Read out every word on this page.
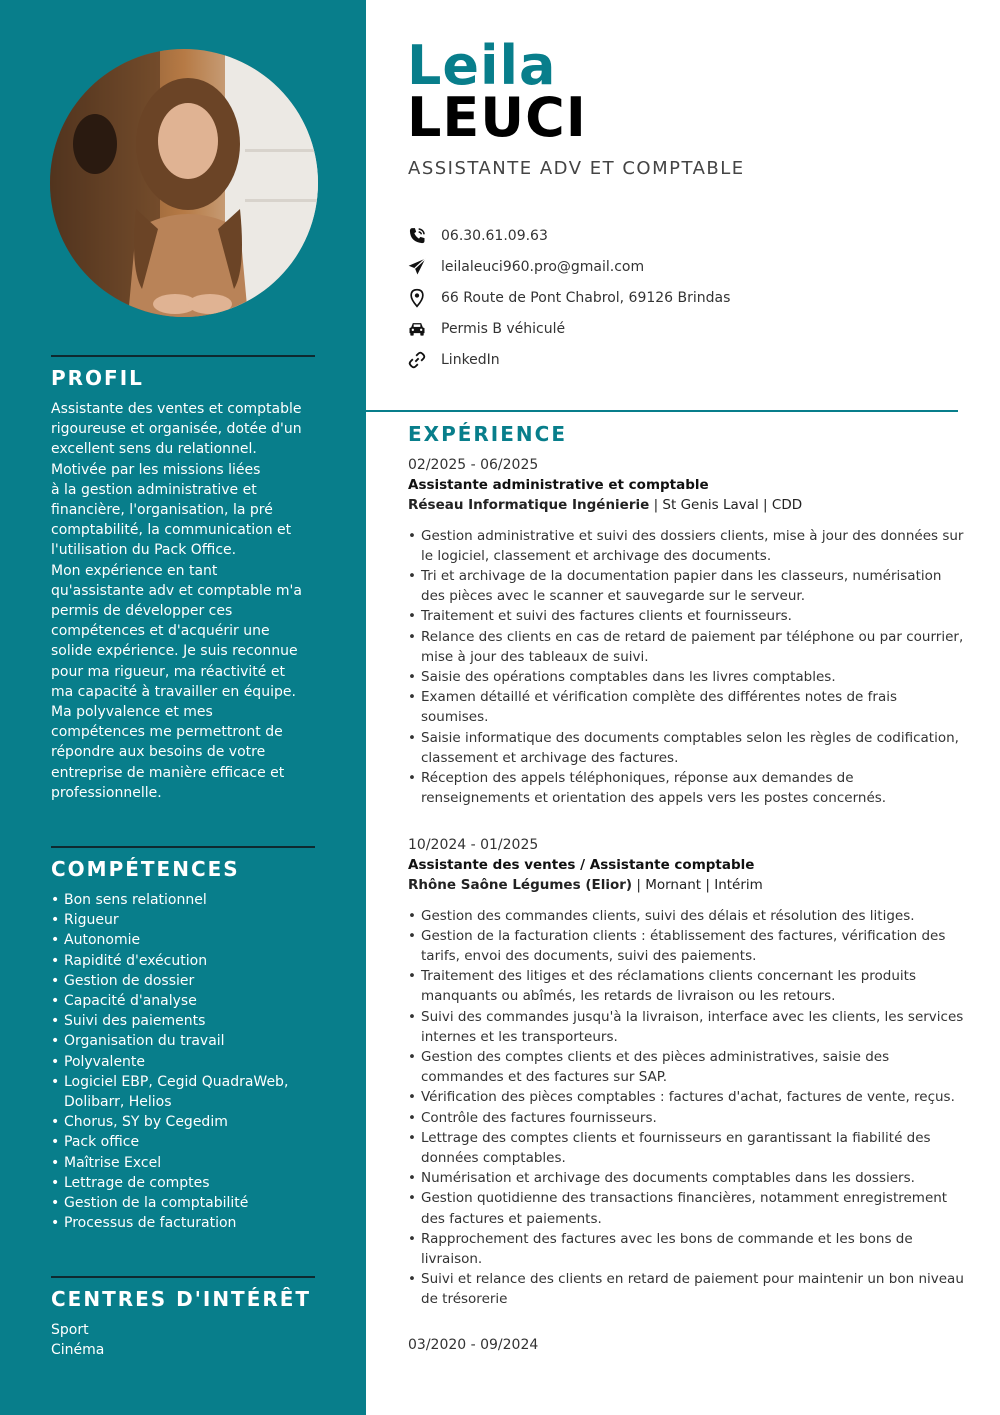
PROFIL

Assistante des ventes et comptable
rigoureuse et organisée, dotée d'un
excellent sens du relationnel.
Motivée par les missions liées
à la gestion administrative et
financière, l'organisation, la pré
comptabilité, la communication et
l'utilisation du Pack Office.
Mon expérience en tant
qu'assistante adv et comptable m'a
permis de développer ces
compétences et d'acquérir une
solide expérience. Je suis reconnue
pour ma rigueur, ma réactivité et
ma capacité à travailler en équipe.
Ma polyvalence et mes
compétences me permettront de
répondre aux besoins de votre
entreprise de manière efficace et
professionnelle.

COMPÉTENCES
• Bon sens relationnel
• Rigueur
• Autonomie
• Rapidité d'exécution
• Gestion de dossier
• Capacité d'analyse
• Suivi des paiements
• Organisation du travail
• Polyvalente
• Logiciel EBP, Cegid QuadraWeb, Dolibarr, Helios
• Chorus, SY by Cegedim
• Pack office
• Maîtrise Excel
• Lettrage de comptes
• Gestion de la comptabilité
• Processus de facturation
CENTRES D'INTÉRÊT

Sport

Cinéma

Leila
LEUCI
ASSISTANTE ADV ET COMPTABLE
06.30.61.09.63
leilaleuci960.pro@gmail.com
66 Route de Pont Chabrol, 69126 Brindas
Permis B véhiculé
LinkedIn
EXPÉRIENCE
02/2025 - 06/2025
Assistante administrative et comptable
Réseau Informatique Ingénierie | St Genis Laval | CDD
• Gestion administrative et suivi des dossiers clients, mise à jour des données sur le logiciel, classement et archivage des documents.
• Tri et archivage de la documentation papier dans les classeurs, numérisation des pièces avec le scanner et sauvegarde sur le serveur.
• Traitement et suivi des factures clients et fournisseurs.
• Relance des clients en cas de retard de paiement par téléphone ou par courrier, mise à jour des tableaux de suivi.
• Saisie des opérations comptables dans les livres comptables.
• Examen détaillé et vérification complète des différentes notes de frais soumises.
• Saisie informatique des documents comptables selon les règles de codification, classement et archivage des factures.
• Réception des appels téléphoniques, réponse aux demandes de renseignements et orientation des appels vers les postes concernés.
10/2024 - 01/2025
Assistante des ventes / Assistante comptable
Rhône Saône Légumes (Elior) | Mornant | Intérim
• Gestion des commandes clients, suivi des délais et résolution des litiges.
• Gestion de la facturation clients : établissement des factures, vérification des tarifs, envoi des documents, suivi des paiements.
• Traitement des litiges et des réclamations clients concernant les produits manquants ou abîmés, les retards de livraison ou les retours.
• Suivi des commandes jusqu'à la livraison, interface avec les clients, les services internes et les transporteurs.
• Gestion des comptes clients et des pièces administratives, saisie des commandes et des factures sur SAP.
• Vérification des pièces comptables : factures d'achat, factures de vente, reçus.
• Contrôle des factures fournisseurs.
• Lettrage des comptes clients et fournisseurs en garantissant la fiabilité des données comptables.
• Numérisation et archivage des documents comptables dans les dossiers.
• Gestion quotidienne des transactions financières, notamment enregistrement des factures et paiements.
• Rapprochement des factures avec les bons de commande et les bons de livraison.
• Suivi et relance des clients en retard de paiement pour maintenir un bon niveau de trésorerie
03/2020 - 09/2024
